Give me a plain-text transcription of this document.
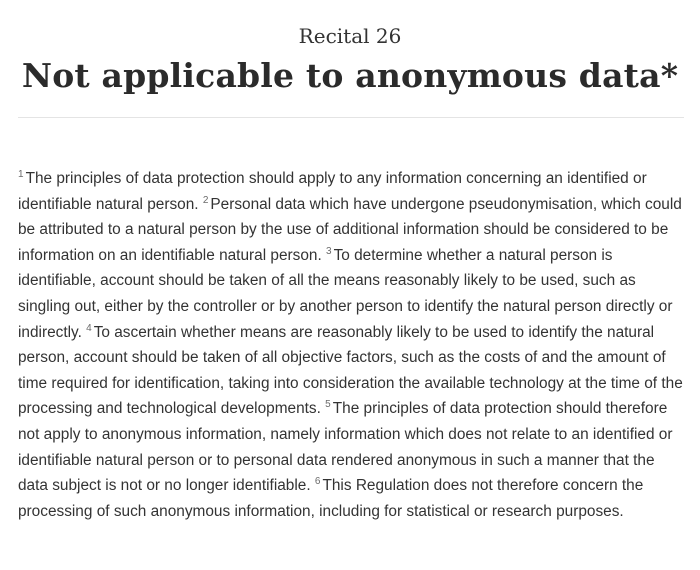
Recital 26
Not applicable to anonymous data*

$^1$ The principles of data protection should apply to any information concerning an identified or identifiable natural person. $^2$ Personal data which have undergone pseudonymisation, which could be attributed to a natural person by the use of additional information should be considered to be information on an identifiable natural person. $^3$ To determine whether a natural person is identifiable, account should be taken of all the means reasonably likely to be used, such as singling out, either by the controller or by another person to identify the natural person directly or indirectly. $^4$ To ascertain whether means are reasonably likely to be used to identify the natural person, account should be taken of all objective factors, such as the costs of and the amount of time required for identification, taking into consideration the available technology at the time of the processing and technological developments. $^5$ The principles of data protection should therefore not apply to anonymous information, namely information which does not relate to an identified or identifiable natural person or to personal data rendered anonymous in such a manner that the data subject is not or no longer identifiable. $^6$ This Regulation does not therefore concern the processing of such anonymous information, including for statistical or research purposes.
